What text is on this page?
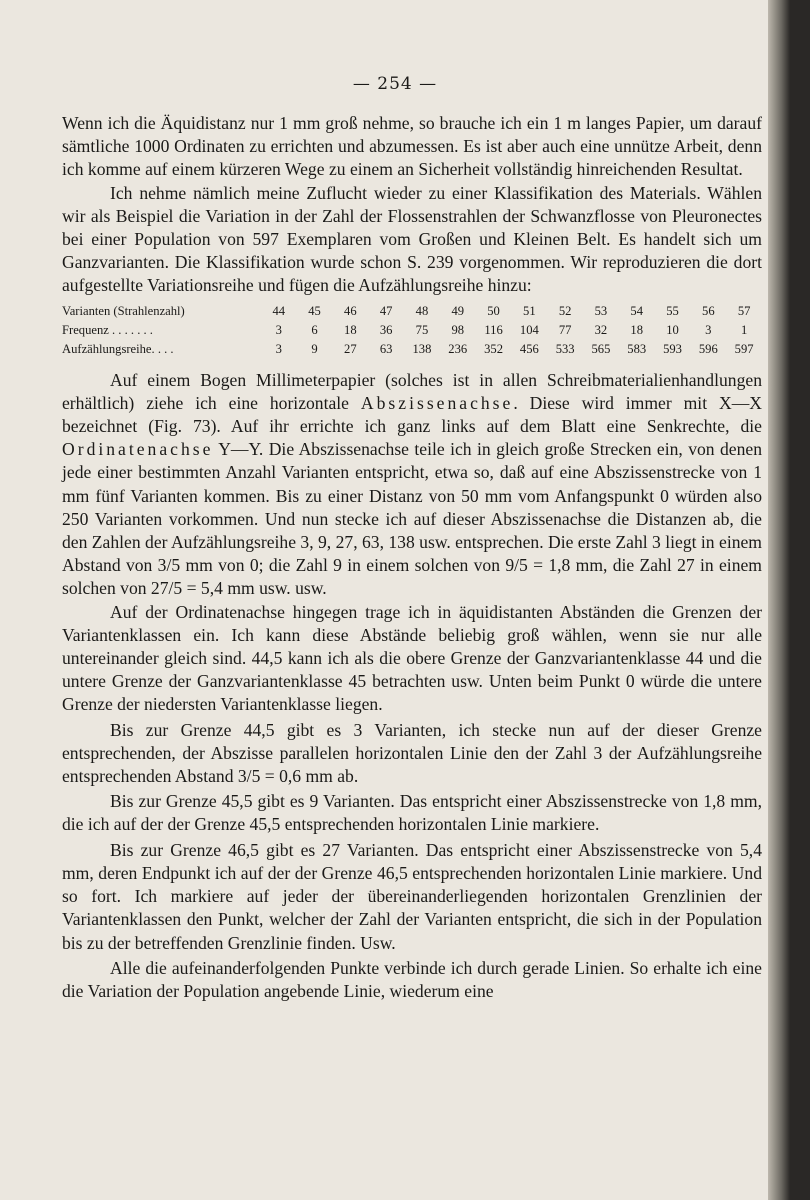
— 254 —

Wenn ich die Äquidistanz nur 1 mm groß nehme, so brauche ich ein 1 m langes Papier, um darauf sämtliche 1000 Ordinaten zu errichten und abzumessen. Es ist aber auch eine unnütze Arbeit, denn ich komme auf einem kürzeren Wege zu einem an Sicherheit vollständig hinreichenden Resultat.

Ich nehme nämlich meine Zuflucht wieder zu einer Klassifikation des Materials. Wählen wir als Beispiel die Variation in der Zahl der Flossenstrahlen der Schwanzflosse von Pleuronectes bei einer Population von 597 Exemplaren vom Großen und Kleinen Belt. Es handelt sich um Ganzvarianten. Die Klassifikation wurde schon S. 239 vorgenommen. Wir reproduzieren die dort aufgestellte Variationsreihe und fügen die Aufzählungsreihe hinzu:

Varianten (Strahlenzahl)	44	45	46	47	48	49	50	51	52	53	54	55	56	57
Frequenz . . . . . . .	3	6	18	36	75	98	116	104	77	32	18	10	3	1
Aufzählungsreihe. . . .	3	9	27	63	138	236	352	456	533	565	583	593	596	597

Auf einem Bogen Millimeterpapier (solches ist in allen Schreibmaterialienhandlungen erhältlich) ziehe ich eine horizontale Abszissenachse. Diese wird immer mit X—X bezeichnet (Fig. 73). Auf ihr errichte ich ganz links auf dem Blatt eine Senkrechte, die Ordinatenachse Y—Y. Die Abszissenachse teile ich in gleich große Strecken ein, von denen jede einer bestimmten Anzahl Varianten entspricht, etwa so, daß auf eine Abszissenstrecke von 1 mm fünf Varianten kommen. Bis zu einer Distanz von 50 mm vom Anfangspunkt 0 würden also 250 Varianten vorkommen. Und nun stecke ich auf dieser Abszissenachse die Distanzen ab, die den Zahlen der Aufzählungsreihe 3, 9, 27, 63, 138 usw. entsprechen. Die erste Zahl 3 liegt in einem Abstand von 3/5 mm von 0; die Zahl 9 in einem solchen von 9/5 = 1,8 mm, die Zahl 27 in einem solchen von 27/5 = 5,4 mm usw. usw.

Auf der Ordinatenachse hingegen trage ich in äquidistanten Abständen die Grenzen der Variantenklassen ein. Ich kann diese Abstände beliebig groß wählen, wenn sie nur alle untereinander gleich sind. 44,5 kann ich als die obere Grenze der Ganzvariantenklasse 44 und die untere Grenze der Ganzvariantenklasse 45 betrachten usw. Unten beim Punkt 0 würde die untere Grenze der niedersten Variantenklasse liegen.

Bis zur Grenze 44,5 gibt es 3 Varianten, ich stecke nun auf der dieser Grenze entsprechenden, der Abszisse parallelen horizontalen Linie den der Zahl 3 der Aufzählungsreihe entsprechenden Abstand 3/5 = 0,6 mm ab.

Bis zur Grenze 45,5 gibt es 9 Varianten. Das entspricht einer Abszissenstrecke von 1,8 mm, die ich auf der der Grenze 45,5 entsprechenden horizontalen Linie markiere.

Bis zur Grenze 46,5 gibt es 27 Varianten. Das entspricht einer Abszissenstrecke von 5,4 mm, deren Endpunkt ich auf der der Grenze 46,5 entsprechenden horizontalen Linie markiere. Und so fort. Ich markiere auf jeder der übereinanderliegenden horizontalen Grenzlinien der Variantenklassen den Punkt, welcher der Zahl der Varianten entspricht, die sich in der Population bis zu der betreffenden Grenzlinie finden. Usw.

Alle die aufeinanderfolgenden Punkte verbinde ich durch gerade Linien. So erhalte ich eine die Variation der Population angebende Linie, wiederum eine
